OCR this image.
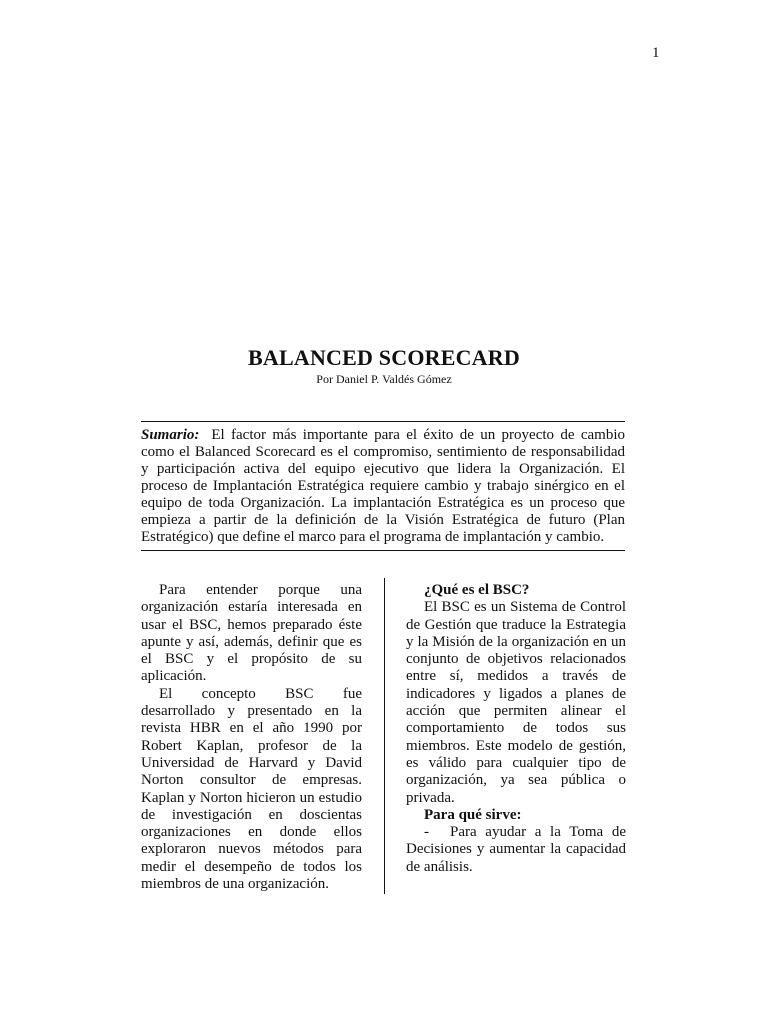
1
BALANCED SCORECARD
Por Daniel P. Valdés Gómez
Sumario: El factor más importante para el éxito de un proyecto de cambio como el Balanced Scorecard es el compromiso, sentimiento de responsabilidad y participación activa del equipo ejecutivo que lidera la Organización. El proceso de Implantación Estratégica requiere cambio y trabajo sinérgico en el equipo de toda Organización. La implantación Estratégica es un proceso que empieza a partir de la definición de la Visión Estratégica de futuro (Plan Estratégico) que define el marco para el programa de implantación y cambio.

Para entender porque una organización estaría interesada en usar el BSC, hemos preparado éste apunte y así, además, definir que es el BSC y el propósito de su aplicación.

El concepto BSC fue desarrollado y presentado en la revista HBR en el año 1990 por Robert Kaplan, profesor de la Universidad de Harvard y David Norton consultor de empresas. Kaplan y Norton hicieron un estudio de investigación en doscientas organizaciones en donde ellos exploraron nuevos métodos para medir el desempeño de todos los miembros de una organización.

¿Qué es el BSC?

El BSC es un Sistema de Control de Gestión que traduce la Estrategia y la Misión de la organización en un conjunto de objetivos relacionados entre sí, medidos a través de indicadores y ligados a planes de acción que permiten alinear el comportamiento de todos sus miembros. Este modelo de gestión, es válido para cualquier tipo de organización, ya sea pública o privada.

Para qué sirve:

- Para ayudar a la Toma de Decisiones y aumentar la capacidad de análisis.
